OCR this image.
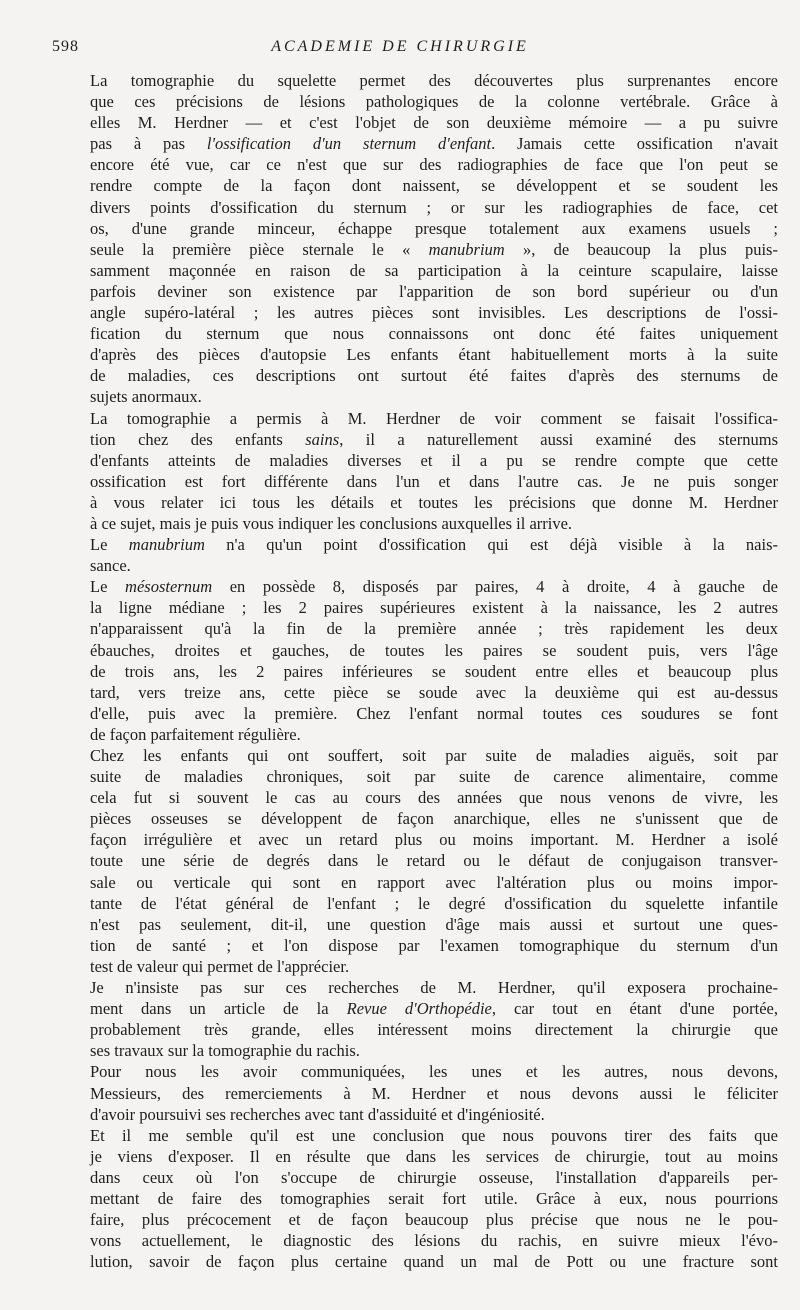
598	ACADEMIE DE CHIRURGIE

La tomographie du squelette permet des découvertes plus surprenantes encore
que ces précisions de lésions pathologiques de la colonne vertébrale. Grâce à
elles M. Herdner — et c'est l'objet de son deuxième mémoire — a pu suivre
pas à pas l'ossification d'un sternum d'enfant. Jamais cette ossification n'avait
encore été vue, car ce n'est que sur des radiographies de face que l'on peut se
rendre compte de la façon dont naissent, se développent et se soudent les
divers points d'ossification du sternum ; or sur les radiographies de face, cet
os, d'une grande minceur, échappe presque totalement aux examens usuels ;
seule la première pièce sternale le « manubrium », de beaucoup la plus puis-
samment maçonnée en raison de sa participation à la ceinture scapulaire, laisse
parfois deviner son existence par l'apparition de son bord supérieur ou d'un
angle supéro-latéral ; les autres pièces sont invisibles. Les descriptions de l'ossi-
fication du sternum que nous connaissons ont donc été faites uniquement
d'après des pièces d'autopsie Les enfants étant habituellement morts à la suite
de maladies, ces descriptions ont surtout été faites d'après des sternums de
sujets anormaux.

La tomographie a permis à M. Herdner de voir comment se faisait l'ossifica-
tion chez des enfants sains, il a naturellement aussi examiné des sternums
d'enfants atteints de maladies diverses et il a pu se rendre compte que cette
ossification est fort différente dans l'un et dans l'autre cas. Je ne puis songer
à vous relater ici tous les détails et toutes les précisions que donne M. Herdner
à ce sujet, mais je puis vous indiquer les conclusions auxquelles il arrive.

Le manubrium n'a qu'un point d'ossification qui est déjà visible à la nais-
sance.

Le mésosternum en possède 8, disposés par paires, 4 à droite, 4 à gauche de
la ligne médiane ; les 2 paires supérieures existent à la naissance, les 2 autres
n'apparaissent qu'à la fin de la première année ; très rapidement les deux
ébauches, droites et gauches, de toutes les paires se soudent puis, vers l'âge
de trois ans, les 2 paires inférieures se soudent entre elles et beaucoup plus
tard, vers treize ans, cette pièce se soude avec la deuxième qui est au-dessus
d'elle, puis avec la première. Chez l'enfant normal toutes ces soudures se font
de façon parfaitement régulière.

Chez les enfants qui ont souffert, soit par suite de maladies aiguës, soit par
suite de maladies chroniques, soit par suite de carence alimentaire, comme
cela fut si souvent le cas au cours des années que nous venons de vivre, les
pièces osseuses se développent de façon anarchique, elles ne s'unissent que de
façon irrégulière et avec un retard plus ou moins important. M. Herdner a isolé
toute une série de degrés dans le retard ou le défaut de conjugaison transver-
sale ou verticale qui sont en rapport avec l'altération plus ou moins impor-
tante de l'état général de l'enfant ; le degré d'ossification du squelette infantile
n'est pas seulement, dit-il, une question d'âge mais aussi et surtout une ques-
tion de santé ; et l'on dispose par l'examen tomographique du sternum d'un
test de valeur qui permet de l'apprécier.

Je n'insiste pas sur ces recherches de M. Herdner, qu'il exposera prochaine-
ment dans un article de la Revue d'Orthopédie, car tout en étant d'une portée,
probablement très grande, elles intéressent moins directement la chirurgie que
ses travaux sur la tomographie du rachis.

Pour nous les avoir communiquées, les unes et les autres, nous devons,
Messieurs, des remerciements à M. Herdner et nous devons aussi le féliciter
d'avoir poursuivi ses recherches avec tant d'assiduité et d'ingéniosité.

Et il me semble qu'il est une conclusion que nous pouvons tirer des faits que
je viens d'exposer. Il en résulte que dans les services de chirurgie, tout au moins
dans ceux où l'on s'occupe de chirurgie osseuse, l'installation d'appareils per-
mettant de faire des tomographies serait fort utile. Grâce à eux, nous pourrions
faire, plus précocement et de façon beaucoup plus précise que nous ne le pou-
vons actuellement, le diagnostic des lésions du rachis, en suivre mieux l'évo-
lution, savoir de façon plus certaine quand un mal de Pott ou une fracture sont
